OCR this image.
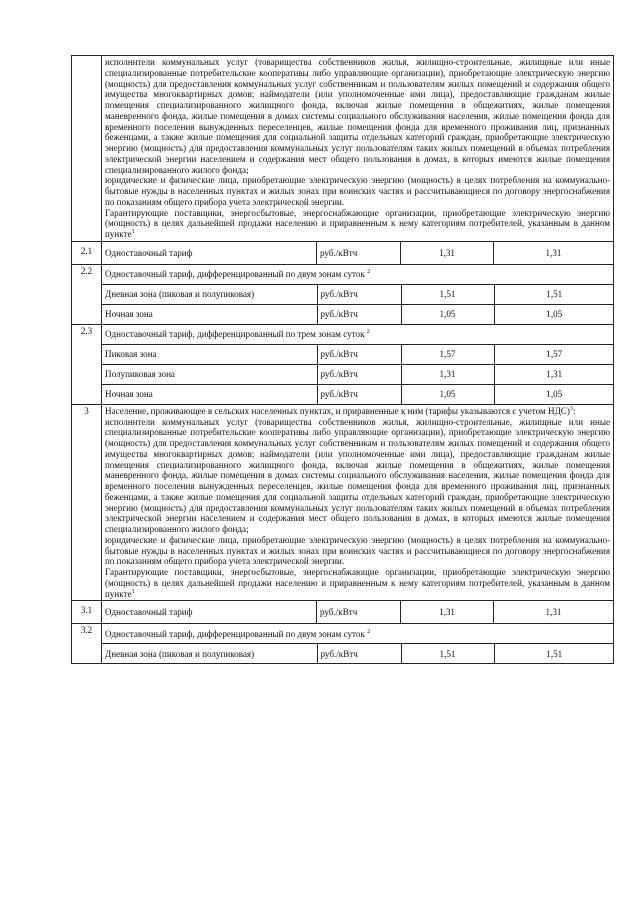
исполнители коммунальных услуг (товарищества собственников жилья, жилищно-строительные, жилищные или иные специализированные потребительские кооперативы либо управляющие организации), приобретающие электрическую энергию (мощность) для предоставления коммунальных услуг собственникам и пользователям жилых помещений и содержания общего имущества многоквартирных домов; наймодатели (или уполномоченные ими лица), предоставляющие гражданам жилые помещения специализированного жилищного фонда, включая жилые помещения в общежитиях, жилые помещения маневренного фонда, жилые помещения в домах системы социального обслуживания населения, жилые помещения фонда для временного поселения вынужденных переселенцев, жилые помещения фонда для временного проживания лиц, признанных беженцами, а также жилые помещения для социальной защиты отдельных категорий граждан, приобретающие электрическую энергию (мощность) для предоставления коммунальных услуг пользователям таких жилых помещений в объемах потребления электрической энергии населением и содержания мест общего пользования в домах, в которых имеются жилые помещения специализированного жилого фонда;

юридические и физические лица, приобретающие электрическую энергию (мощность) в целях потребления на коммунально-бытовые нужды в населенных пунктах и жилых зонах при воинских частях и рассчитывающиеся по договору энергоснабжения по показаниям общего прибора учета электрической энергии.

Гарантирующие поставщики, энергосбытовые, энергоснабжающие организации, приобретающие электрическую энергию (мощность) в целях дальнейшей продажи населению и приравненным к нему категориям потребителей, указанным в данном пункте$^1$

2.1	Одноставочный тариф	руб./кВтч	1,31	1,31
2.2	Одноставочный тариф, дифференцированный по двум зонам суток $^2$
Дневная зона (пиковая и полупиковая)	руб./кВтч	1,51	1,51
Ночная зона	руб./кВтч	1,05	1,05

2.3	Одноставочный тариф, дифференцированный по трем зонам суток $^2$
Пиковая зона	руб./кВтч	1,57	1,57
Полупиковая зона	руб./кВтч	1,31	1,31
Ночная зона	руб./кВтч	1,05	1,05

3	Население, проживающее в сельских населенных пунктах, и приравненные к ним (тарифы указываются с учетом НДС)$^3$:

исполнители коммунальных услуг (товарищества собственников жилья, жилищно-строительные, жилищные или иные специализированные потребительские кооперативы либо управляющие организации), приобретающие электрическую энергию (мощность) для предоставления коммунальных услуг собственникам и пользователям жилых помещений и содержания общего имущества многоквартирных домов; наймодатели (или уполномоченные ими лица), предоставляющие гражданам жилые помещения специализированного жилищного фонда, включая жилые помещения в общежитиях, жилые помещения маневренного фонда, жилые помещения в домах системы социального обслуживания населения, жилые помещения фонда для временного поселения вынужденных переселенцев, жилые помещения фонда для временного проживания лиц, признанных беженцами, а также жилые помещения для социальной защиты отдельных категорий граждан, приобретающие электрическую энергию (мощность) для предоставления коммунальных услуг пользователям таких жилых помещений в объемах потребления электрической энергии населением и содержания мест общего пользования в домах, в которых имеются жилые помещения специализированного жилого фонда;

юридические и физические лица, приобретающие электрическую энергию (мощность) в целях потребления на коммунально-бытовые нужды в населенных пунктах и жилых зонах при воинских частях и рассчитывающиеся по договору энергоснабжения по показаниям общего прибора учета электрической энергии.

Гарантирующие поставщики, энергосбытовые, энергоснабжающие организации, приобретающие электрическую энергию (мощность) в целях дальнейшей продажи населению и приравненным к нему категориям потребителей, указанным в данном пункте$^1$

3.1	Одноставочный тариф	руб./кВтч	1,31	1,31
3.2	Одноставочный тариф, дифференцированный по двум зонам суток $^2$
Дневная зона (пиковая и полупиковая)	руб./кВтч	1,51	1,51
